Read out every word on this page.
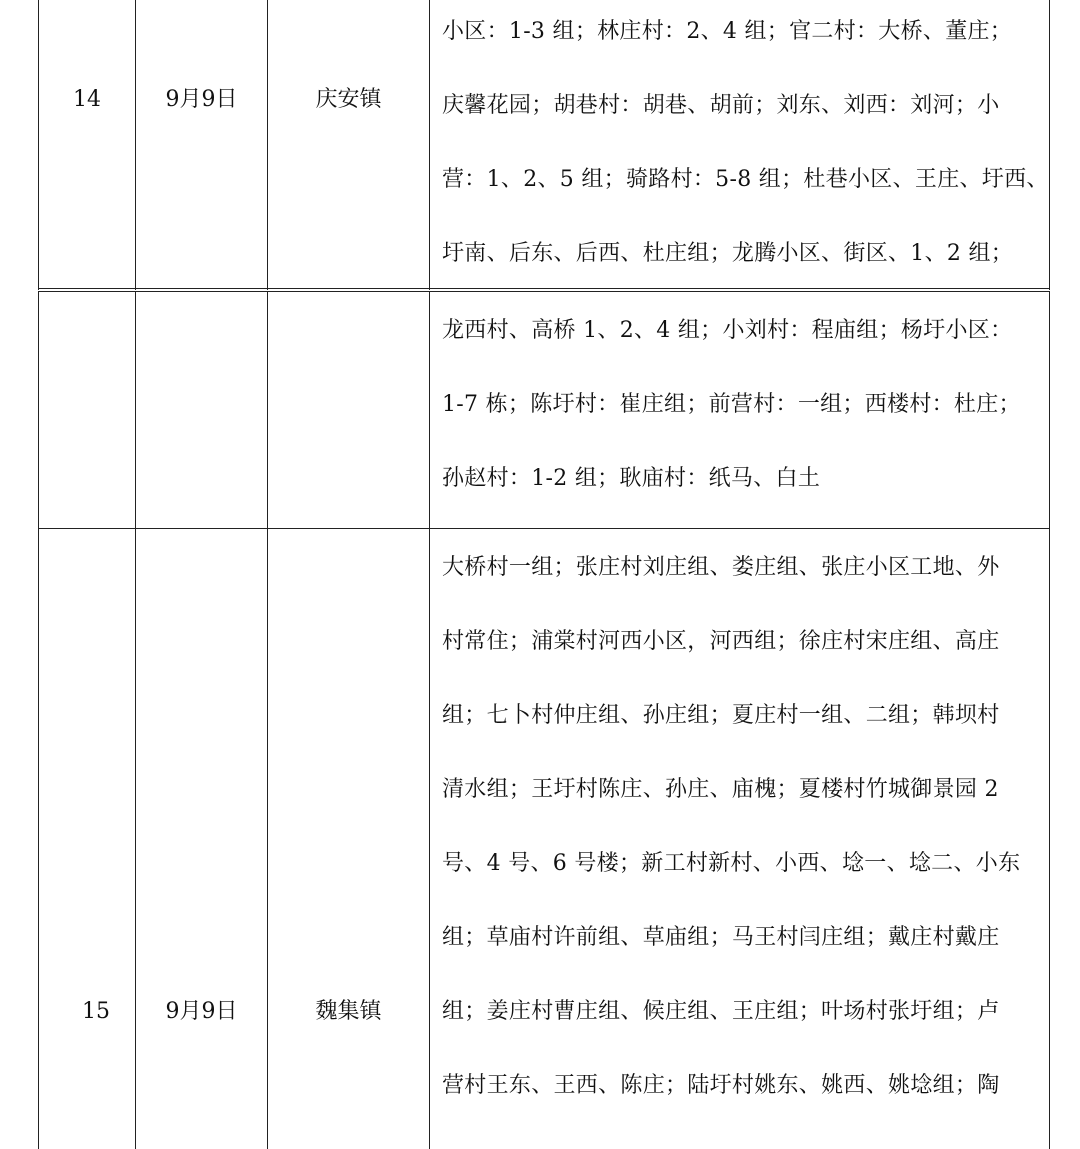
14	9月9日	庆安镇
小区：1-3 组；林庄村：2、4 组；官二村：大桥、董庄；
庆馨花园；胡巷村：胡巷、胡前；刘东、刘西：刘河；小
营：1、2、5 组；骑路村：5-8 组；杜巷小区、王庄、圩西、
圩南、后东、后西、杜庄组；龙腾小区、街区、1、2 组；
龙西村、高桥 1、2、4 组；小刘村：程庙组；杨圩小区：
1-7 栋；陈圩村：崔庄组；前营村：一组；西楼村：杜庄；
孙赵村：1-2 组；耿庙村：纸马、白土
15	9月9日	魏集镇
大桥村一组；张庄村刘庄组、娄庄组、张庄小区工地、外
村常住；浦棠村河西小区，河西组；徐庄村宋庄组、高庄
组；七卜村仲庄组、孙庄组；夏庄村一组、二组；韩坝村
清水组；王圩村陈庄、孙庄、庙槐；夏楼村竹城御景园 2
号、4 号、6 号楼；新工村新村、小西、埝一、埝二、小东
组；草庙村许前组、草庙组；马王村闫庄组；戴庄村戴庄
组；姜庄村曹庄组、候庄组、王庄组；叶场村张圩组；卢
营村王东、王西、陈庄；陆圩村姚东、姚西、姚埝组；陶
